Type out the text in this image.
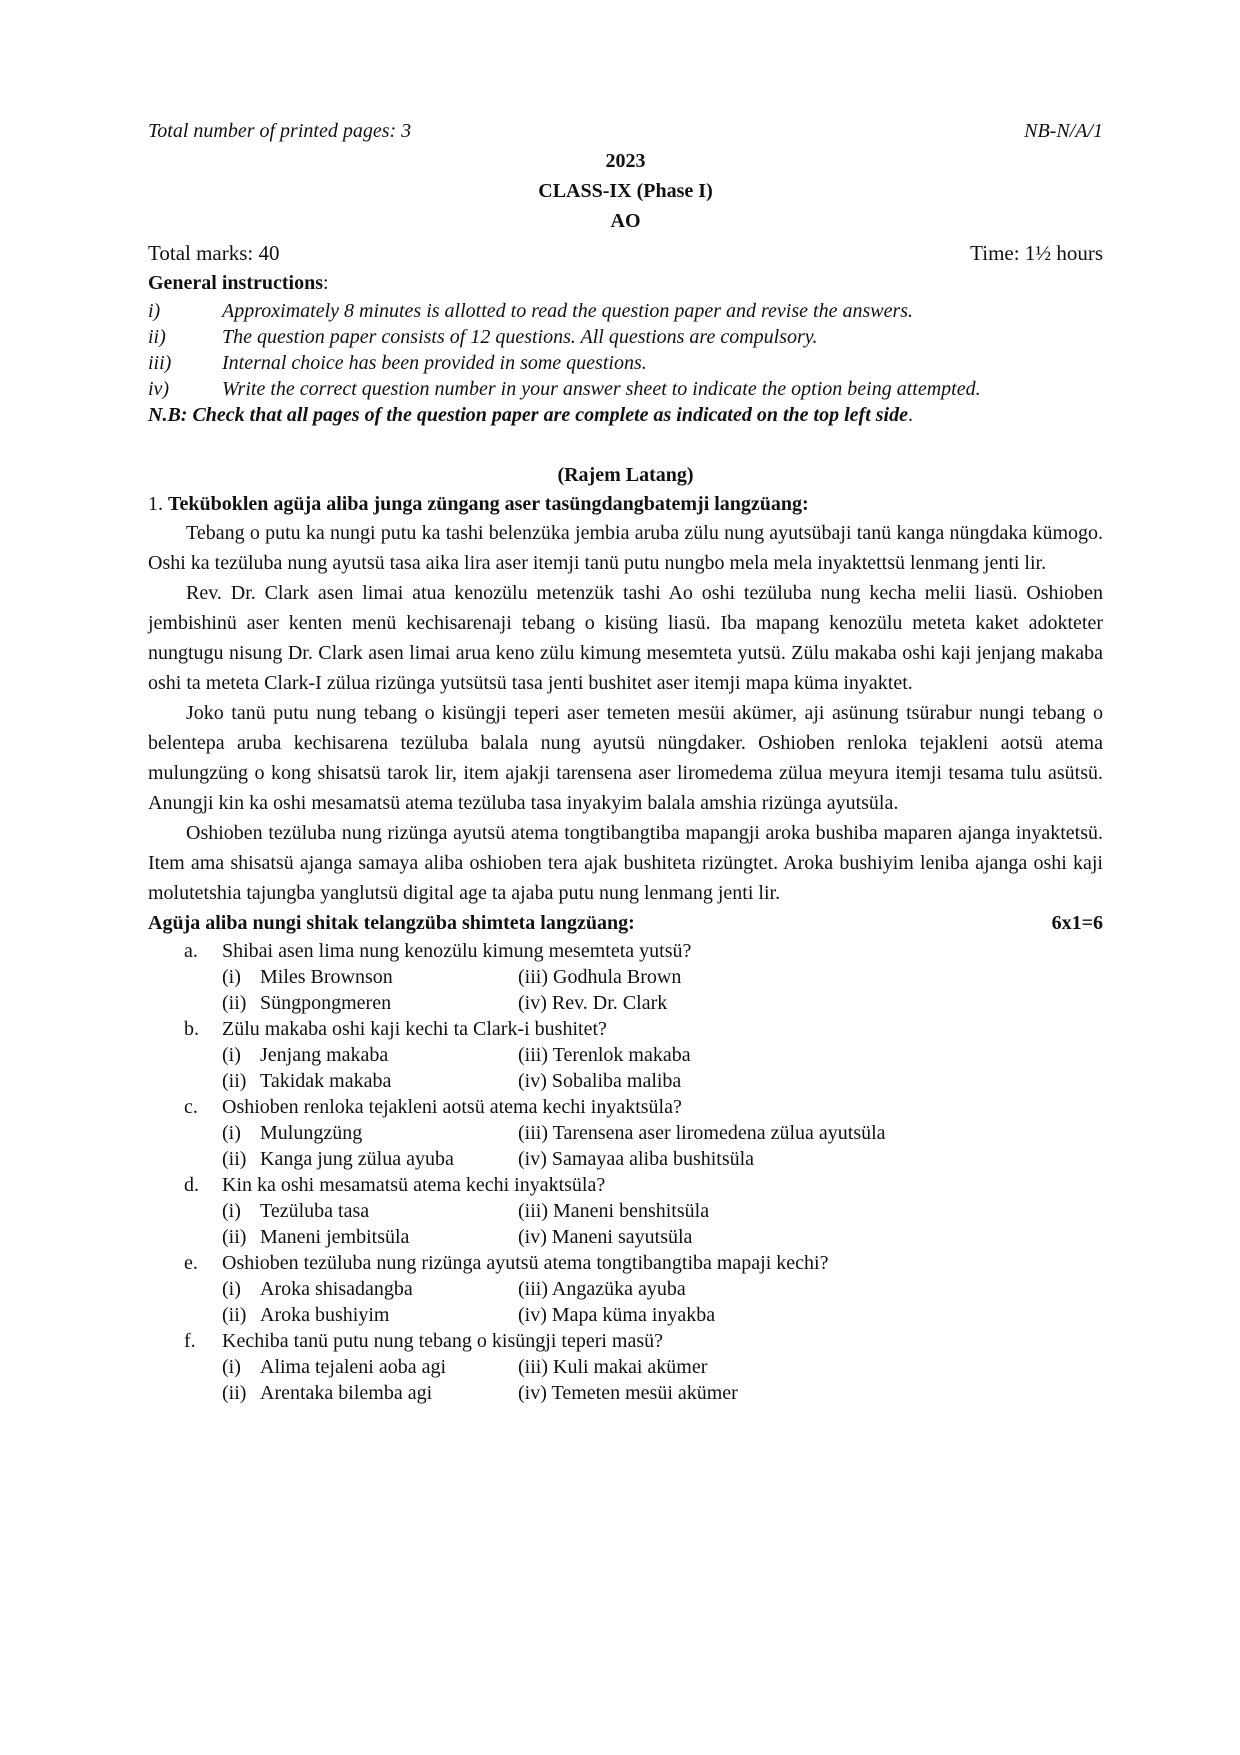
Total number of printed pages: 3	NB-N/A/1
2023
CLASS-IX (Phase I)
AO
Total marks: 40	Time: 1½ hours
General instructions:
i)	Approximately 8 minutes is allotted to read the question paper and revise the answers.
ii)	The question paper consists of 12 questions. All questions are compulsory.
iii)	Internal choice has been provided in some questions.
iv)	Write the correct question number in your answer sheet to indicate the option being attempted.
N.B: Check that all pages of the question paper are complete as indicated on the top left side.
(Rajem Latang)
1. Teküboklen agüja aliba junga züngang aser tasüngdangbatemji langzüang:

Tebang o putu ka nungi putu ka tashi belenzüka jembia aruba zülu nung ayutsübaji tanü kanga nüngdaka kümogo. Oshi ka tezüluba nung ayutsü tasa aika lira aser itemji tanü putu nungbo mela mela inyaktettsü lenmang jenti lir.

Rev. Dr. Clark asen limai atua kenozülu metenzük tashi Ao oshi tezüluba nung kecha melii liasü. Oshioben jembishinü aser kenten menü kechisarenaji tebang o kisüng liasü. Iba mapang kenozülu meteta kaket adokteter nungtugu nisung Dr. Clark asen limai arua keno zülu kimung mesemteta yutsü. Zülu makaba oshi kaji jenjang makaba oshi ta meteta Clark-I zülua rizünga yutsütsü tasa jenti bushitet aser itemji mapa küma inyaktet.

Joko tanü putu nung tebang o kisüngji teperi aser temeten mesüi akümer, aji asünung tsürabur nungi tebang o belentepa aruba kechisarena tezüluba balala nung ayutsü nüngdaker. Oshioben renloka tejakleni aotsü atema mulungzüng o kong shisatsü tarok lir, item ajakji tarensena aser liromedema zülua meyura itemji tesama tulu asütsü. Anungji kin ka oshi mesamatsü atema tezüluba tasa inyakyim balala amshia rizünga ayutsüla.

Oshioben tezüluba nung rizünga ayutsü atema tongtibangtiba mapangji aroka bushiba maparen ajanga inyaktetsü. Item ama shisatsü ajanga samaya aliba oshioben tera ajak bushiteta rizüngtet. Aroka bushiyim leniba ajanga oshi kaji molutetshia tajungba yanglutsü digital age ta ajaba putu nung lenmang jenti lir.

Agüja aliba nungi shitak telangzüba shimteta langzüang:	6x1=6
a.	Shibai asen lima nung kenozülu kimung mesemteta yutsü?
(i) Miles Brownson	(iii) Godhula Brown
(ii) Süngpongmeren	(iv) Rev. Dr. Clark
b.	Zülu makaba oshi kaji kechi ta Clark-i bushitet?
(i) Jenjang makaba	(iii) Terenlok makaba
(ii) Takidak makaba	(iv) Sobaliba maliba
c.	Oshioben renloka tejakleni aotsü atema kechi inyaktsüla?
(i) Mulungzüng	(iii) Tarensena aser liromedena zülua ayutsüla
(ii) Kanga jung zülua ayuba	(iv) Samayaa aliba bushitsüla
d.	Kin ka oshi mesamatsü atema kechi inyaktsüla?
(i) Tezüluba tasa	(iii) Maneni benshitsüla
(ii) Maneni jembitsüla	(iv) Maneni sayutsüla
e.	Oshioben tezüluba nung rizünga ayutsü atema tongtibangtiba mapaji kechi?
(i) Aroka shisadangba	(iii) Angazüka ayuba
(ii) Aroka bushiyim	(iv) Mapa küma inyakba
f.	Kechiba tanü putu nung tebang o kisüngji teperi masü?
(i) Alima tejaleni aoba agi	(iii) Kuli makai akümer
(ii) Arentaka bilemba agi	(iv) Temeten mesüi akümer
